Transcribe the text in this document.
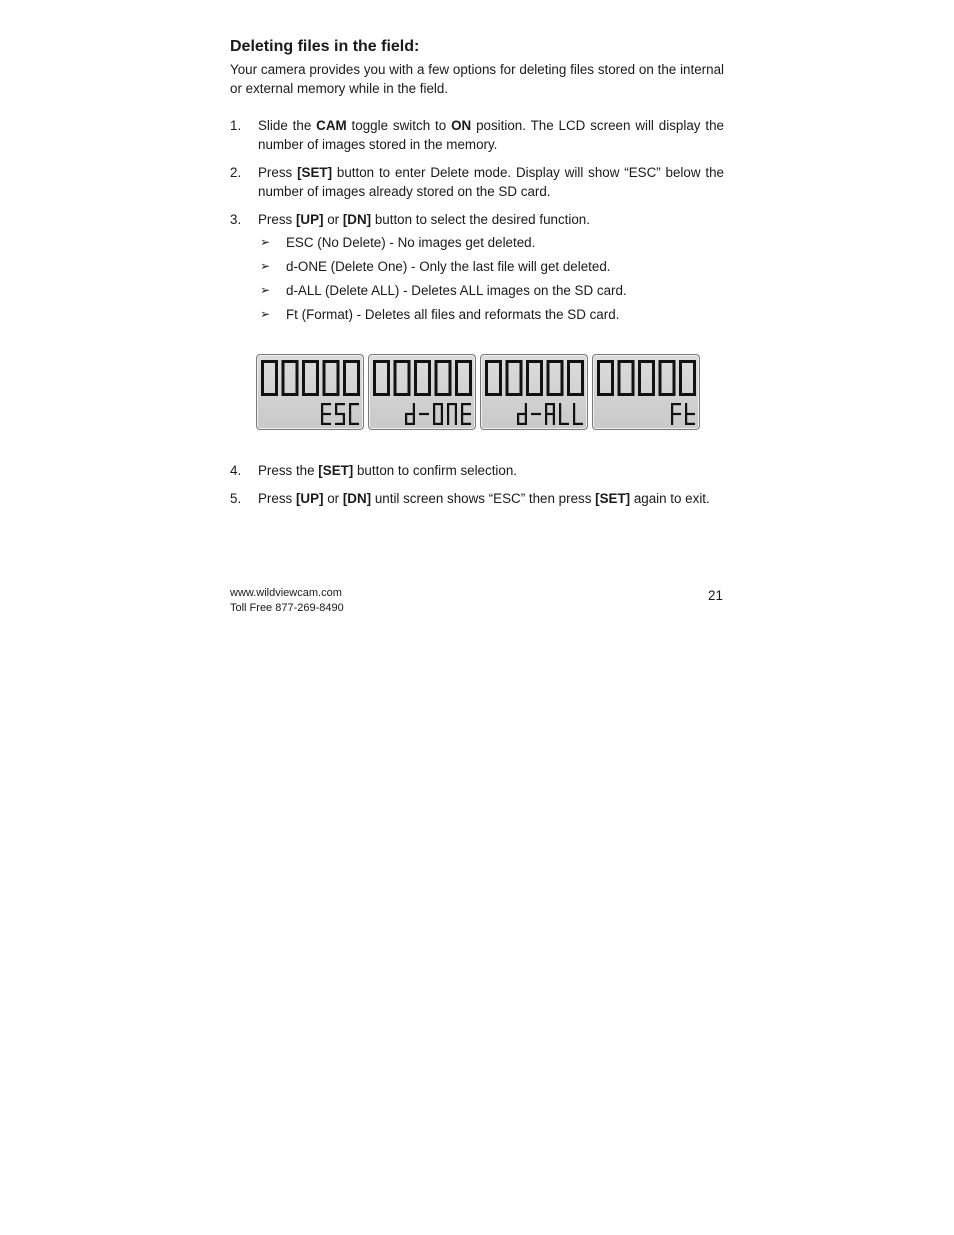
Deleting files in the field:

Your camera provides you with a few options for deleting files stored on the internal or external memory while in the field.

1. Slide the CAM toggle switch to ON position. The LCD screen will display the number of images stored in the memory.
2. Press [SET] button to enter Delete mode. Display will show “ESC” below the number of images already stored on the SD card.
3. Press [UP] or [DN] button to select the desired function.
➢ ESC (No Delete) - No images get deleted.
➢ d-ONE (Delete One) - Only the last file will get deleted.
➢ d-ALL (Delete ALL) - Deletes ALL images on the SD card.
➢ Ft (Format) - Deletes all files and reformats the SD card.
4. Press the [SET] button to confirm selection.
5. Press [UP] or [DN] until screen shows “ESC” then press [SET] again to exit.
www.wildviewcam.com
Toll Free 877-269-8490
21
